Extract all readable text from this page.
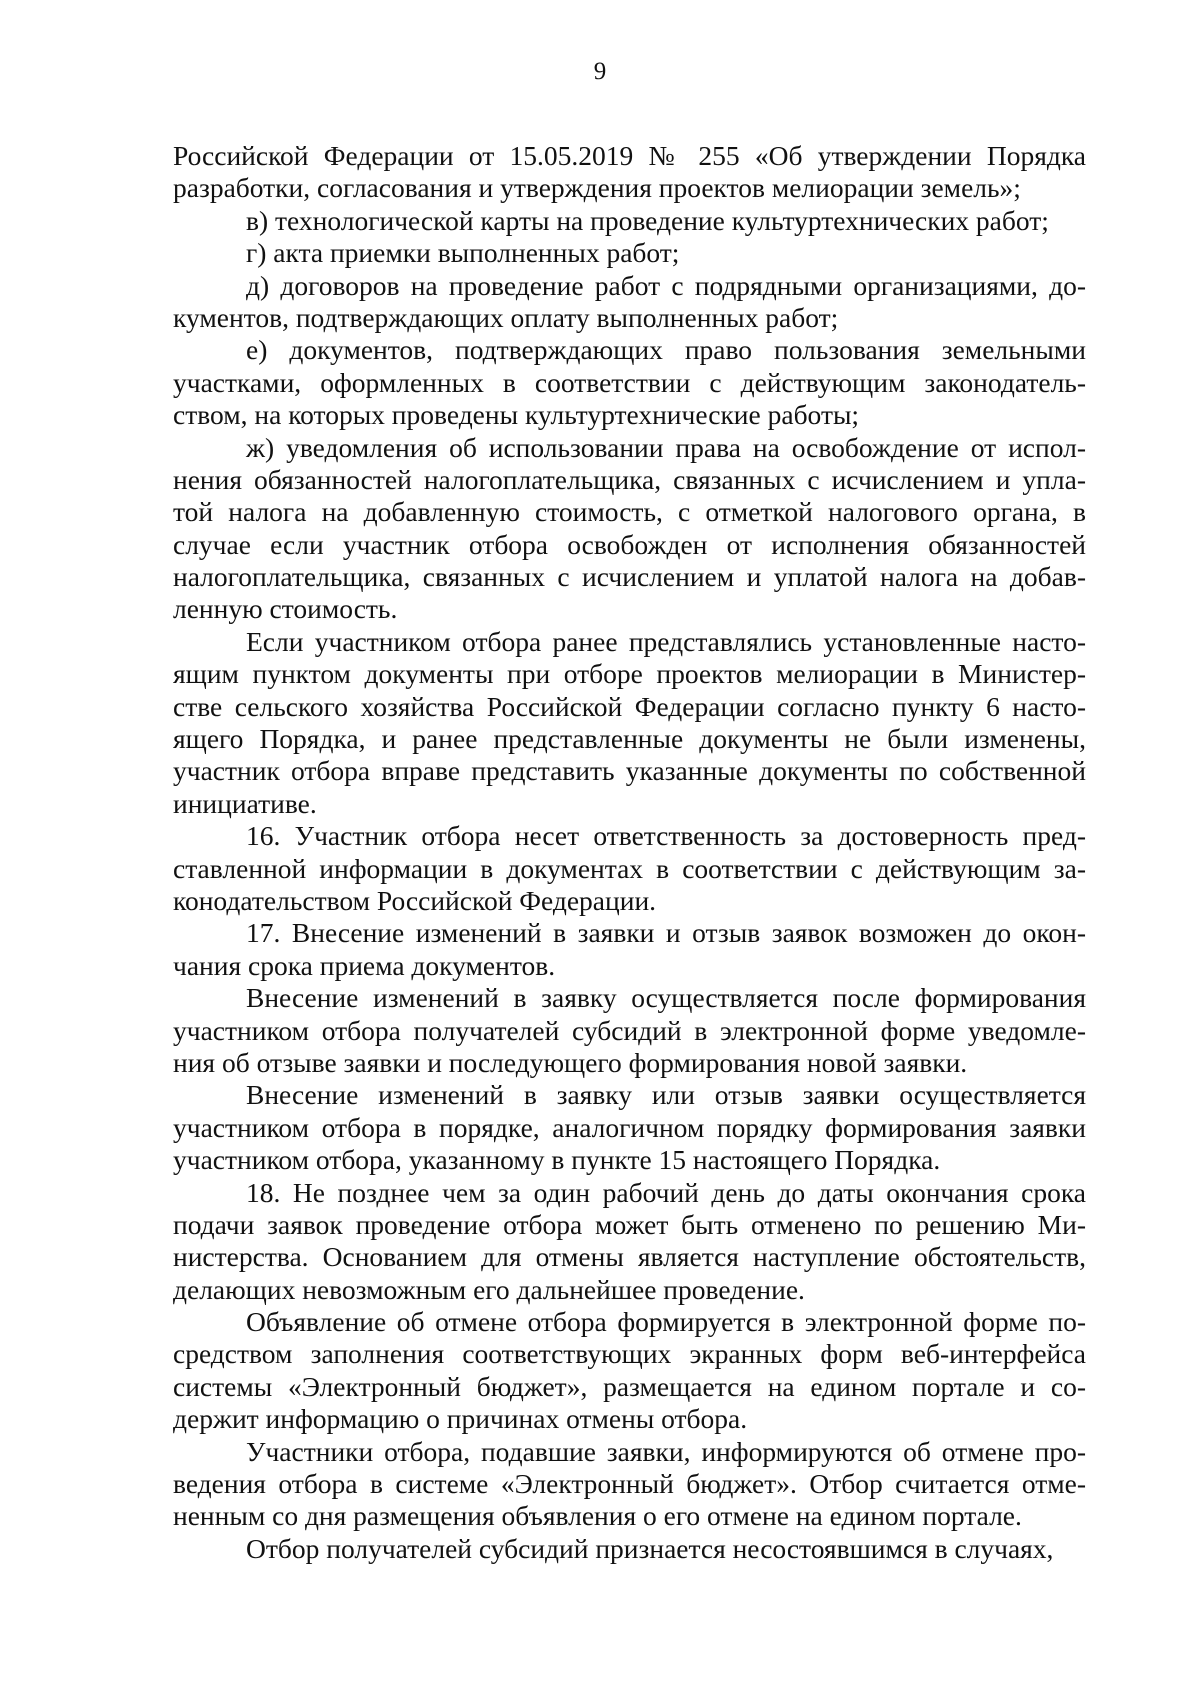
9
Российской Федерации от 15.05.2019 № 255 «Об утверждении Порядка
разработки, согласования и утверждения проектов мелиорации земель»;
в) технологической карты на проведение культуртехнических работ;
г) акта приемки выполненных работ;
д) договоров на проведение работ с подрядными организациями, до-
кументов, подтверждающих оплату выполненных работ;
е) документов, подтверждающих право пользования земельными
участками, оформленных в соответствии с действующим законодатель-
ством, на которых проведены культуртехнические работы;
ж) уведомления об использовании права на освобождение от испол-
нения обязанностей налогоплательщика, связанных с исчислением и упла-
той налога на добавленную стоимость, с отметкой налогового органа, в
случае если участник отбора освобожден от исполнения обязанностей
налогоплательщика, связанных с исчислением и уплатой налога на добав-
ленную стоимость.
Если участником отбора ранее представлялись установленные насто-
ящим пунктом документы при отборе проектов мелиорации в Министер-
стве сельского хозяйства Российской Федерации согласно пункту 6 насто-
ящего Порядка, и ранее представленные документы не были изменены,
участник отбора вправе представить указанные документы по собственной
инициативе.
16. Участник отбора несет ответственность за достоверность пред-
ставленной информации в документах в соответствии с действующим за-
конодательством Российской Федерации.
17. Внесение изменений в заявки и отзыв заявок возможен до окон-
чания срока приема документов.
Внесение изменений в заявку осуществляется после формирования
участником отбора получателей субсидий в электронной форме уведомле-
ния об отзыве заявки и последующего формирования новой заявки.
Внесение изменений в заявку или отзыв заявки осуществляется
участником отбора в порядке, аналогичном порядку формирования заявки
участником отбора, указанному в пункте 15 настоящего Порядка.
18. Не позднее чем за один рабочий день до даты окончания срока
подачи заявок проведение отбора может быть отменено по решению Ми-
нистерства. Основанием для отмены является наступление обстоятельств,
делающих невозможным его дальнейшее проведение.
Объявление об отмене отбора формируется в электронной форме по-
средством заполнения соответствующих экранных форм веб-интерфейса
системы «Электронный бюджет», размещается на едином портале и со-
держит информацию о причинах отмены отбора.
Участники отбора, подавшие заявки, информируются об отмене про-
ведения отбора в системе «Электронный бюджет». Отбор считается отме-
ненным со дня размещения объявления о его отмене на едином портале.
Отбор получателей субсидий признается несостоявшимся в случаях,
